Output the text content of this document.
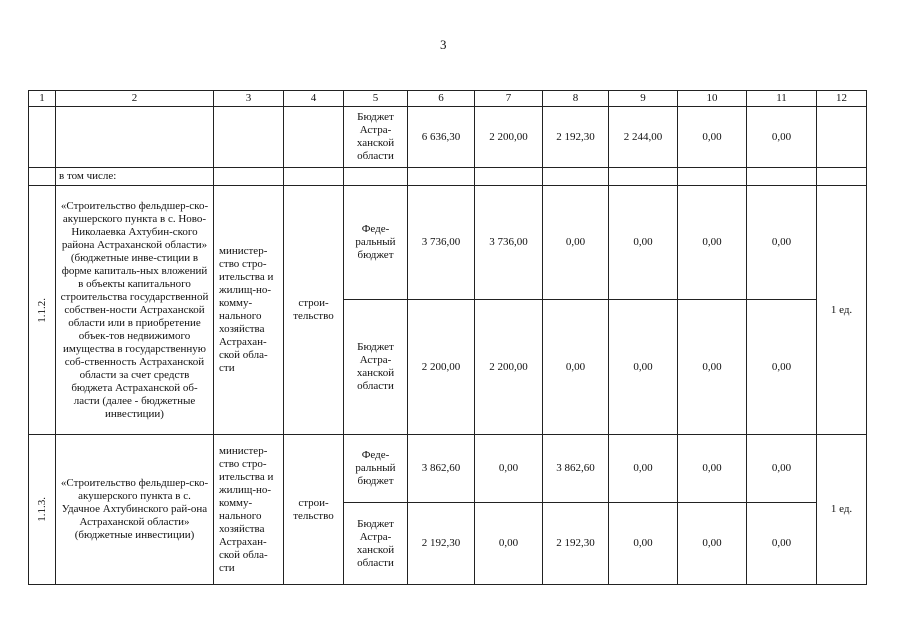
3
1	2	3	4	5	6	7	8	9	10	11	12
				Бюджет Астра-ханской области	6 636,30	2 200,00	2 192,30	2 244,00	0,00	0,00	
	в том числе:										

1.1.2.	«Строительство фельдшер-ско-акушерского пункта в с. Ново-Николаевка Ахтубин-ского района Астраханской области» (бюджетные инве-стиции в форме капиталь-ных вложений в объекты капитального строительства государственной собствен-ности Астраханской области или в приобретение объек-тов недвижимого имущества в государственную соб-ственность Астраханской области за счет средств бюджета Астраханской об-ласти (далее - бюджетные инвестиции)	министер-ство стро-ительства и жилищ-но-комму-нального хозяйства Астрахан-ской обла-сти	строи-тельство	Феде-ральный бюджет	3 736,00	3 736,00	0,00	0,00	0,00	0,00	1 ед.
				Бюджет Астра-ханской области	2 200,00	2 200,00	0,00	0,00	0,00	0,00	

1.1.3.	«Строительство фельдшер-ско-акушерского пункта в с. Удачное Ахтубинского рай-она Астраханской области» (бюджетные инвестиции)	министер-ство стро-ительства и жилищ-но-комму-нального хозяйства Астрахан-ской обла-сти	строи-тельство	Феде-ральный бюджет	3 862,60	0,00	3 862,60	0,00	0,00	0,00	1 ед.
				Бюджет Астра-ханской области	2 192,30	0,00	2 192,30	0,00	0,00	0,00	
